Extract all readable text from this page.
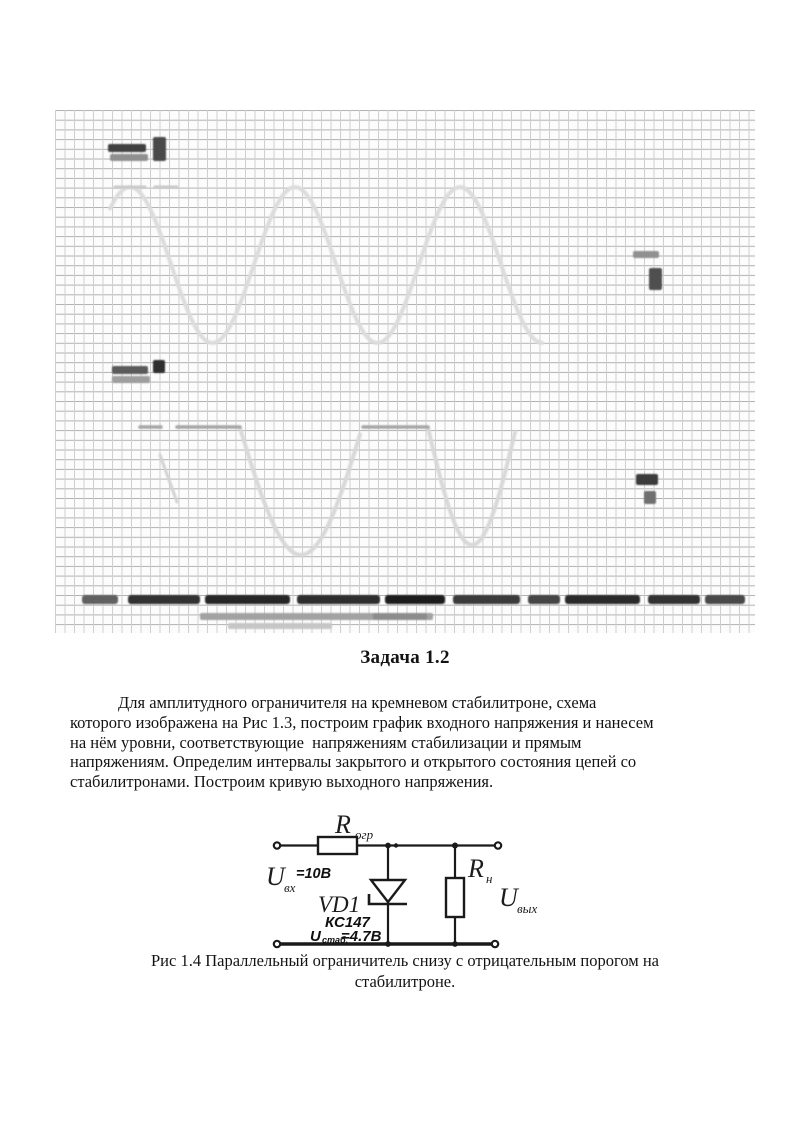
Задача 1.2
Для амплитудного ограничителя на кремневом стабилитроне, схема
которого изображена на Рис 1.3, построим график входного напряжения и нанесем
на нём уровни, соответствующие  напряжениям стабилизации и прямым
напряжениям. Определим интервалы закрытого и открытого состояния цепей со
стабилитронами. Построим кривую выходного напряжения.
R огр
U вх
=10В
VD1
КС147
U стаб.
=4.7В
R н
U вых
Рис 1.4 Параллельный ограничитель снизу с отрицательным порогом на
стабилитроне.
